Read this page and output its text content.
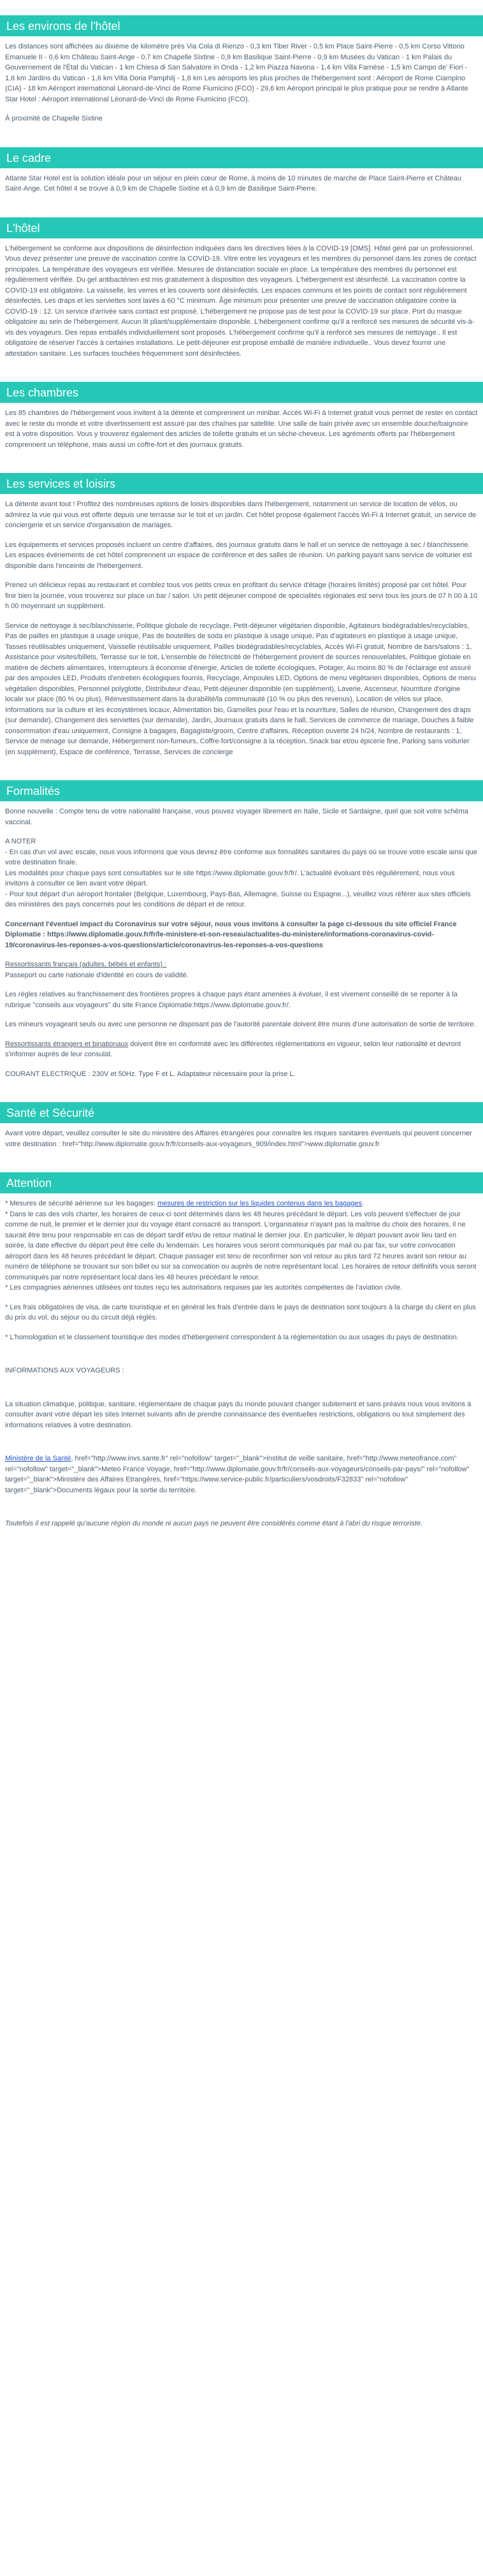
Les environs de l'hôtel

Les distances sont affichées au dixième de kilomètre près Via Cola di Rienzo - 0,3 km Tiber River - 0,5 km Place Saint-Pierre - 0,5 km Corso Vittorio Emanuele II - 0,6 km Château Saint-Ange - 0,7 km Chapelle Sixtine - 0,9 km Basilique Saint-Pierre - 0,9 km Musées du Vatican - 1 km Palais du Gouvernement de l'État du Vatican - 1 km Chiesa di San Salvatore in Onda - 1,2 km Piazza Navona - 1,4 km Villa Farnèse - 1,5 km Campo de' Fiori - 1,6 km Jardins du Vatican - 1,6 km Villa Doria Pamphilj - 1,6 km Les aéroports les plus proches de l'hébergement sont : Aéroport de Rome Ciampino (CIA) - 18 km Aéroport international Léonard-de-Vinci de Rome Fiumicino (FCO) - 29,6 km Aéroport principal le plus pratique pour se rendre à Atlante Star Hotel : Aéroport international Léonard-de-Vinci de Rome Fiumicino (FCO).

À proximité de Chapelle Sixtine

Le cadre

Atlante Star Hotel est la solution idéale pour un séjour en plein cœur de Rome, à moins de 10 minutes de marche de Place Saint-Pierre et Château Saint-Ange. Cet hôtel 4 se trouve à 0,9 km de Chapelle Sixtine et à 0,9 km de Basilique Saint-Pierre.

L'hôtel

L'hébergement se conforme aux dispositions de désinfection indiquées dans les directives liées à la COVID-19 [OMS]. Hôtel géré par un professionnel. Vous devez présenter une preuve de vaccination contre la COVID-19. Vitre entre les voyageurs et les membres du personnel dans les zones de contact principales. La température des voyageurs est vérifiée. Mesures de distanciation sociale en place. La température des membres du personnel est régulièrement vérifiée. Du gel antibactérien est mis gratuitement à disposition des voyageurs. L'hébergement est désinfecté. La vaccination contre la COVID-19 est obligatoire. La vaisselle, les verres et les couverts sont désinfectés. Les espaces communs et les points de contact sont régulièrement désinfectés. Les draps et les serviettes sont lavés à 60 °C minimum. Âge minimum pour présenter une preuve de vaccination obligatoire contre la COVID-19 : 12. Un service d'arrivée sans contact est proposé. L'hébergement ne propose pas de test pour la COVID-19 sur place. Port du masque obligatoire au sein de l'hébergement. Aucun lit pliant/supplémentaire disponible. L'hébergement confirme qu'il a renforcé ses mesures de sécurité vis-à-vis des voyageurs. Des repas emballés individuellement sont proposés. L'hébergement confirme qu'il a renforcé ses mesures de nettoyage.. Il est obligatoire de réserver l'accès à certaines installations. Le petit-déjeuner est proposé emballé de manière individuelle.. Vous devez fournir une attestation sanitaire. Les surfaces touchées fréquemment sont désinfectées.

Les chambres

Les 85 chambres de l'hébergement vous invitent à la détente et comprennent un minibar. Accès Wi-Fi à Internet gratuit vous permet de rester en contact avec le reste du monde et votre divertissement est assuré par des chaînes par satellite. Une salle de bain privée avec un ensemble douche/baignoire est à votre disposition. Vous y trouverez également des articles de toilette gratuits et un sèche-cheveux. Les agréments offerts par l'hébergement comprennent un téléphone, mais aussi un coffre-fort et des journaux gratuits.

Les services et loisirs

La détente avant tout ! Profitez des nombreuses options de loisirs disponibles dans l'hébergement, notamment un service de location de vélos, ou admirez la vue qui vous est offerte depuis une terrasse sur le toit et un jardin. Cet hôtel propose également l'accès Wi-Fi à Internet gratuit, un service de conciergerie et un service d'organisation de mariages.

Les équipements et services proposés incluent un centre d'affaires, des journaux gratuits dans le hall et un service de nettoyage à sec / blanchisserie. Les espaces événements de cet hôtel comprennent un espace de conférence et des salles de réunion. Un parking payant sans service de voiturier est disponible dans l'enceinte de l'hébergement.

Prenez un délicieux repas au restaurant et comblez tous vos petits creux en profitant du service d'étage (horaires limités) proposé par cet hôtel. Pour finir bien la journée, vous trouverez sur place un bar / salon. Un petit déjeuner composé de spécialités régionales est servi tous les jours de 07 h 00 à 10 h 00 moyennant un supplément.

Service de nettoyage à sec/blanchisserie, Politique globale de recyclage, Petit-déjeuner végétarien disponible, Agitateurs biodégradables/recyclables, Pas de pailles en plastique à usage unique, Pas de bouteilles de soda en plastique à usage unique, Pas d'agitateurs en plastique à usage unique, Tasses réutilisables uniquement, Vaisselle réutilisable uniquement, Pailles biodégradables/recyclables, Accès Wi-Fi gratuit, Nombre de bars/salons : 1, Assistance pour visites/billets, Terrasse sur le toit, L'ensemble de l'électricité de l'hébergement provient de sources renouvelables, Politique globale en matière de déchets alimentaires, Interrupteurs à économie d'énergie, Articles de toilette écologiques, Potager, Au moins 80 % de l'éclairage est assuré par des ampoules LED, Produits d'entretien écologiques fournis, Recyclage, Ampoules LED, Options de menu végétarien disponibles, Options de menu végétalien disponibles, Personnel polyglotte, Distributeur d'eau, Petit-déjeuner disponible (en supplément), Laverie, Ascenseur, Nourriture d'origine locale sur place (80 % ou plus), Réinvestissement dans la durabilité/la communauté (10 % ou plus des revenus), Location de vélos sur place, Informations sur la culture et les écosystèmes locaux, Alimentation bio, Gamelles pour l'eau et la nourriture, Salles de réunion, Changement des draps (sur demande), Changement des serviettes (sur demande), Jardin, Journaux gratuits dans le hall, Services de commerce de mariage, Douches à faible consommation d'eau uniquement, Consigne à bagages, Bagagiste/groom, Centre d'affaires, Réception ouverte 24 h/24, Nombre de restaurants : 1, Service de ménage sur demande, Hébergement non-fumeurs, Coffre-fort/consigne à la réception, Snack bar et/ou épicerie fine, Parking sans voiturier (en supplément), Espace de conférence, Terrasse, Services de concierge

Formalités

Bonne nouvelle : Compte tenu de votre nationalité française, vous pouvez voyager librement en Italie, Sicile et Sardaigne, quel que soit votre schéma vaccinal.

A NOTER

- En cas d'un vol avec escale, nous vous informons que vous devrez être conforme aux formalités sanitaires du pays où se trouve votre escale ainsi que votre destination finale.

Les modalités pour chaque pays sont consultables sur le site https://www.diplomatie.gouv.fr/fr/. L'actualité évoluant très régulièrement, nous vous invitons à consulter ce lien avant votre départ.

- Pour tout départ d'un aéroport frontalier (Belgique, Luxembourg, Pays-Bas, Allemagne, Suisse ou Espagne...), veuillez vous référer aux sites officiels des ministères des pays concernés pour les conditions de départ et de retour.

Concernant l'éventuel impact du Coronavirus sur votre séjour, nous vous invitons à consulter la page ci-dessous du site officiel France Diplomatie : https://www.diplomatie.gouv.fr/fr/le-ministere-et-son-reseau/actualites-du-ministere/informations-coronavirus-covid-19/coronavirus-les-reponses-a-vos-questions/article/coronavirus-les-reponses-a-vos-questions

Ressortissants français (adultes, bébés et enfants) :

Passeport ou carte nationale d'identité en cours de validité.

Les règles relatives au franchissement des frontières propres à chaque pays étant amenées à évoluer, il est vivement conseillé de se reporter à la rubrique "conseils aux voyageurs" du site France Diplomatie:https://www.diplomatie.gouv.fr/.

Les mineurs voyageant seuls ou avec une personne ne disposant pas de l'autorité parentale doivent être munis d'une autorisation de sortie de territoire.

Ressortissants étrangers et binationaux doivent être en conformité avec les différentes réglementations en vigueur, selon leur nationalité et devront s'informer auprès de leur consulat.

COURANT ELECTRIQUE : 230V et 50Hz. Type F et L. Adaptateur nécessaire pour la prise L.

Santé et Sécurité

Avant votre départ, veuillez consulter le site du ministère des Affaires étrangères pour connaître les risques sanitaires éventuels qui peuvent concerner votre destination : href="http://www.diplomatie.gouv.fr/fr/conseils-aux-voyageurs_909/index.html">www.diplomatie.gouv.fr

Attention

* Mesures de sécurité aérienne sur les bagages: mesures de restriction sur les liquides contenus dans les bagages.

* Dans le cas des vols charter, les horaires de ceux-ci sont déterminés dans les 48 heures précédant le départ. Les vols peuvent s'effectuer de jour comme de nuit, le premier et le dernier jour du voyage étant consacré au transport. L'organisateur n'ayant pas la maîtrise du choix des horaires, il ne saurait être tenu pour responsable en cas de départ tardif et/ou de retour matinal le dernier jour. En particulier, le départ pouvant avoir lieu tard en soirée, la date effective du départ peut être celle du lendemain. Les horaires vous seront communiqués par mail ou par fax, sur votre convocation aéroport dans les 48 heures précédant le départ. Chaque passager est tenu de reconfirmer son vol retour au plus tard 72 heures avant son retour au numéro de téléphone se trouvant sur son billet ou sur sa convocation ou auprès de notre représentant local. Les horaires de retour définitifs vous seront communiqués par notre représentant local dans les 48 heures précédant le retour.

* Les compagnies aériennes utilisées ont toutes reçu les autorisations requises par les autorités compétentes de l'aviation civile.

* Les frais obligatoires de visa, de carte touristique et en général les frais d'entrée dans le pays de destination sont toujours à la charge du client en plus du prix du vol, du séjour ou du circuit déjà réglés.

* L'homologation et le classement touristique des modes d'hébergement correspondent à la réglementation ou aux usages du pays de destination.

INFORMATIONS AUX VOYAGEURS :

La situation climatique, politique, sanitaire, réglementaire de chaque pays du monde pouvant changer subitement et sans préavis nous vous invitons à consulter avant votre départ les sites Internet suivants afin de prendre connaissance des éventuelles restrictions, obligations ou tout simplement des informations relatives à votre destination.

Ministère de la Santé, href="http://www.invs.sante.fr" rel="nofollow" target="_blank">Institut de veille sanitaire, href="http://www.meteofrance.com" rel="nofollow" target="_blank">Meteo France Voyage, href="http://www.diplomatie.gouv.fr/fr/conseils-aux-voyageurs/conseils-par-pays/" rel="nofollow" target="_blank">Ministère des Affaires Etrangères, href="https://www.service-public.fr/particuliers/vosdroits/F32833" rel="nofollow" target="_blank">Documents légaux pour la sortie du territoire.

Toutefois il est rappelé qu'aucune région du monde ni aucun pays ne peuvent être considérés comme étant à l'abri du risque terroriste.
